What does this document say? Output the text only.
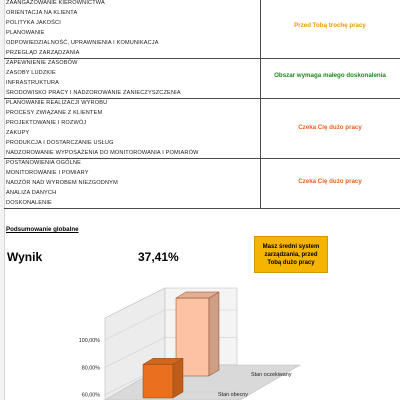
ZAANGAŻOWANIE KIEROWNICTWA
ORIENTACJA NA KLIENTA
POLITYKA JAKOŚCI
PLANOWANIE
ODPOWIEDZIALNOŚĆ, UPRAWNIENIA I KOMUNIKACJA
PRZEGLĄD ZARZĄDZANIA
Przed Tobą trochę pracy
ZAPEWNIENIE ZASOBÓW
ZASOBY LUDZKIE
INFRASTRUKTURA
ŚRODOWISKO PRACY I NADZOROWANIE ZANIECZYSZCZENIA
Obszar wymaga małego doskonalenia
PLANOWANIE REALIZACJI WYROBU
PROCESY ZWIĄZANE Z KLIENTEM
PROJEKTOWANIE I ROZWÓJ
ZAKUPY
PRODUKCJA I DOSTARCZANIE USŁUG
NADZOROWANIE WYPOSAŻENIA DO MONITOROWANIA I POMIARÓW
Czeka Cię dużo pracy
POSTANOWIENIA OGÓLNE
MONITOROWANIE I POMIARY
NADZÓR NAD WYROBEM NIEZGODNYM
ANALIZA DANYCH
DOSKONALENIE
Czeka Cię dużo pracy
Podsumowanie globalne
Wynik	37,41%
Masz średni system zarządzania, przed Tobą dużo pracy
100,00%
80,00%
60,00%	Stan obecny
Stan oczekiwany
